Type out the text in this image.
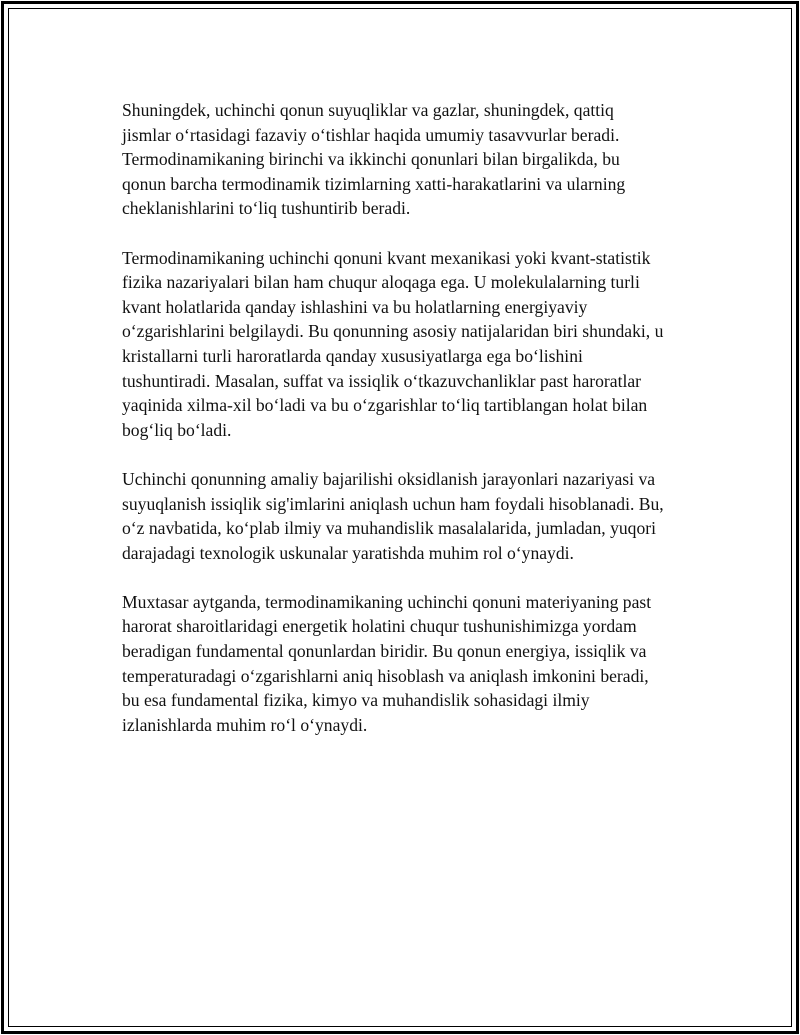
Shuningdek, uchinchi qonun suyuqliklar va gazlar, shuningdek, qattiq
jismlar o‘rtasidagi fazaviy o‘tishlar haqida umumiy tasavvurlar beradi.
Termodinamikaning birinchi va ikkinchi qonunlari bilan birgalikda, bu
qonun barcha termodinamik tizimlarning xatti-harakatlarini va ularning
cheklanishlarini to‘liq tushuntirib beradi.

Termodinamikaning uchinchi qonuni kvant mexanikasi yoki kvant-statistik
fizika nazariyalari bilan ham chuqur aloqaga ega. U molekulalarning turli
kvant holatlarida qanday ishlashini va bu holatlarning energiyaviy
o‘zgarishlarini belgilaydi. Bu qonunning asosiy natijalaridan biri shundaki, u
kristallarni turli haroratlarda qanday xususiyatlarga ega bo‘lishini
tushuntiradi. Masalan, suffat va issiqlik o‘tkazuvchanliklar past haroratlar
yaqinida xilma-xil bo‘ladi va bu o‘zgarishlar to‘liq tartiblangan holat bilan
bog‘liq bo‘ladi.

Uchinchi qonunning amaliy bajarilishi oksidlanish jarayonlari nazariyasi va
suyuqlanish issiqlik sig'imlarini aniqlash uchun ham foydali hisoblanadi. Bu,
o‘z navbatida, ko‘plab ilmiy va muhandislik masalalarida, jumladan, yuqori
darajadagi texnologik uskunalar yaratishda muhim rol o‘ynaydi.

Muxtasar aytganda, termodinamikaning uchinchi qonuni materiyaning past
harorat sharoitlaridagi energetik holatini chuqur tushunishimizga yordam
beradigan fundamental qonunlardan biridir. Bu qonun energiya, issiqlik va
temperaturadagi o‘zgarishlarni aniq hisoblash va aniqlash imkonini beradi,
bu esa fundamental fizika, kimyo va muhandislik sohasidagi ilmiy
izlanishlarda muhim ro‘l o‘ynaydi.
